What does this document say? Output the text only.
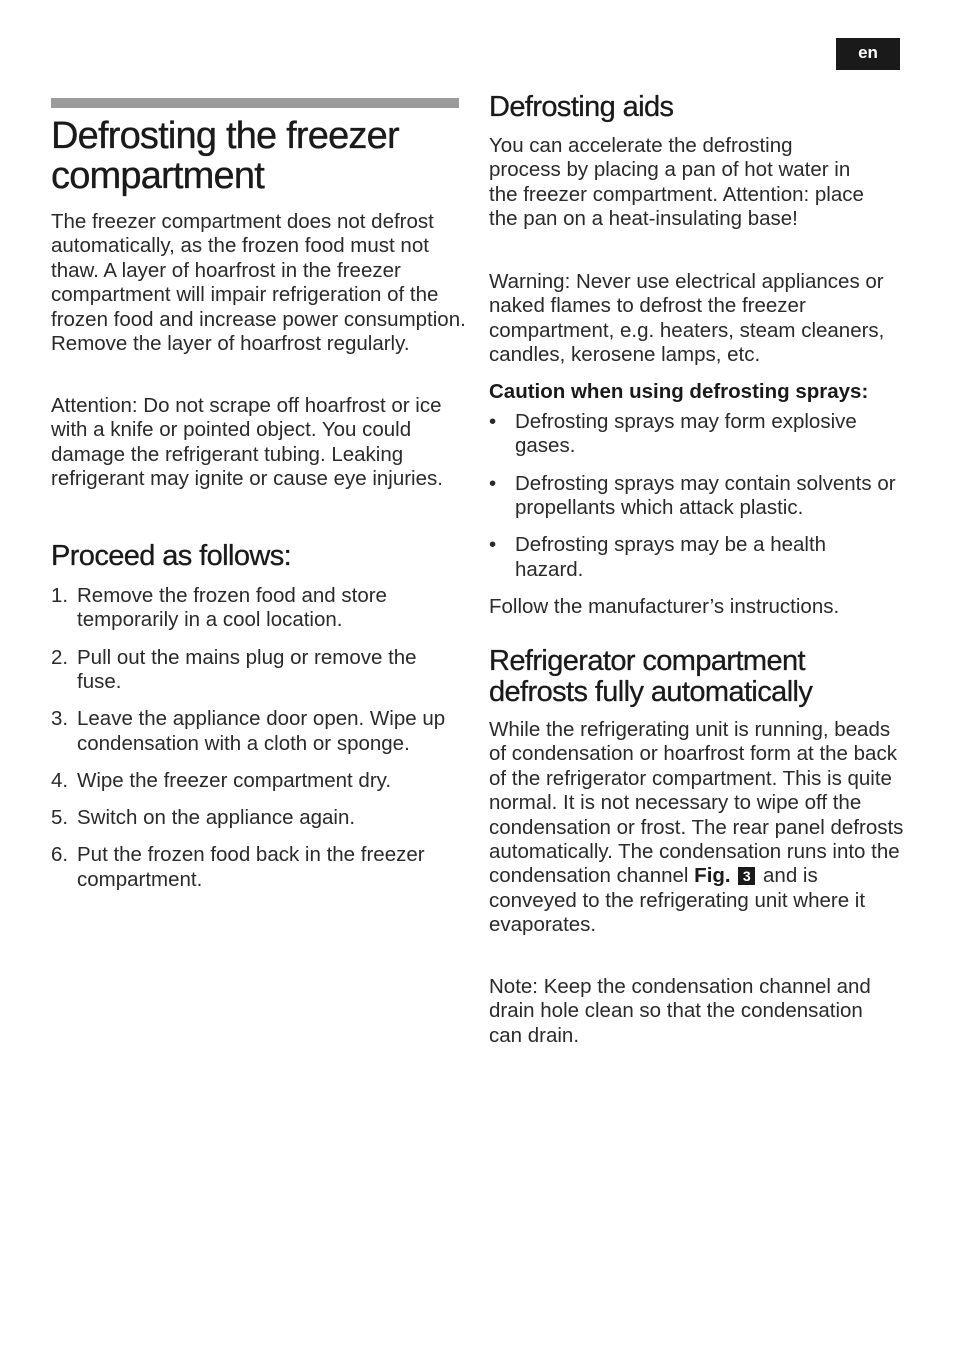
en
Defrosting the freezer compartment

The freezer compartment does not defrost automatically, as the frozen food must not thaw. A layer of hoarfrost in the freezer compartment will impair refrigeration of the frozen food and increase power consumption. Remove the layer of hoarfrost regularly.

Attention: Do not scrape off hoarfrost or ice with a knife or pointed object. You could damage the refrigerant tubing. Leaking refrigerant may ignite or cause eye injuries.

Proceed as follows:
1. Remove the frozen food and store temporarily in a cool location.
2. Pull out the mains plug or remove the fuse.
3. Leave the appliance door open. Wipe up condensation with a cloth or sponge.
4. Wipe the freezer compartment dry.
5. Switch on the appliance again.
6. Put the frozen food back in the freezer compartment.
Defrosting aids

You can accelerate the defrosting process by placing a pan of hot water in the freezer compartment. Attention: place the pan on a heat-insulating base!

Warning: Never use electrical appliances or naked flames to defrost the freezer compartment, e.g. heaters, steam cleaners, candles, kerosene lamps, etc.

Caution when using defrosting sprays:

• Defrosting sprays may form explosive gases.
• Defrosting sprays may contain solvents or propellants which attack plastic.
• Defrosting sprays may be a health hazard.

Follow the manufacturer’s instructions.

Refrigerator compartment defrosts fully automatically

While the refrigerating unit is running, beads of condensation or hoarfrost form at the back of the refrigerator compartment. This is quite normal. It is not necessary to wipe off the condensation or frost. The rear panel defrosts automatically. The condensation runs into the condensation channel Fig. 3 and is conveyed to the refrigerating unit where it evaporates.

Note: Keep the condensation channel and drain hole clean so that the condensation can drain.
